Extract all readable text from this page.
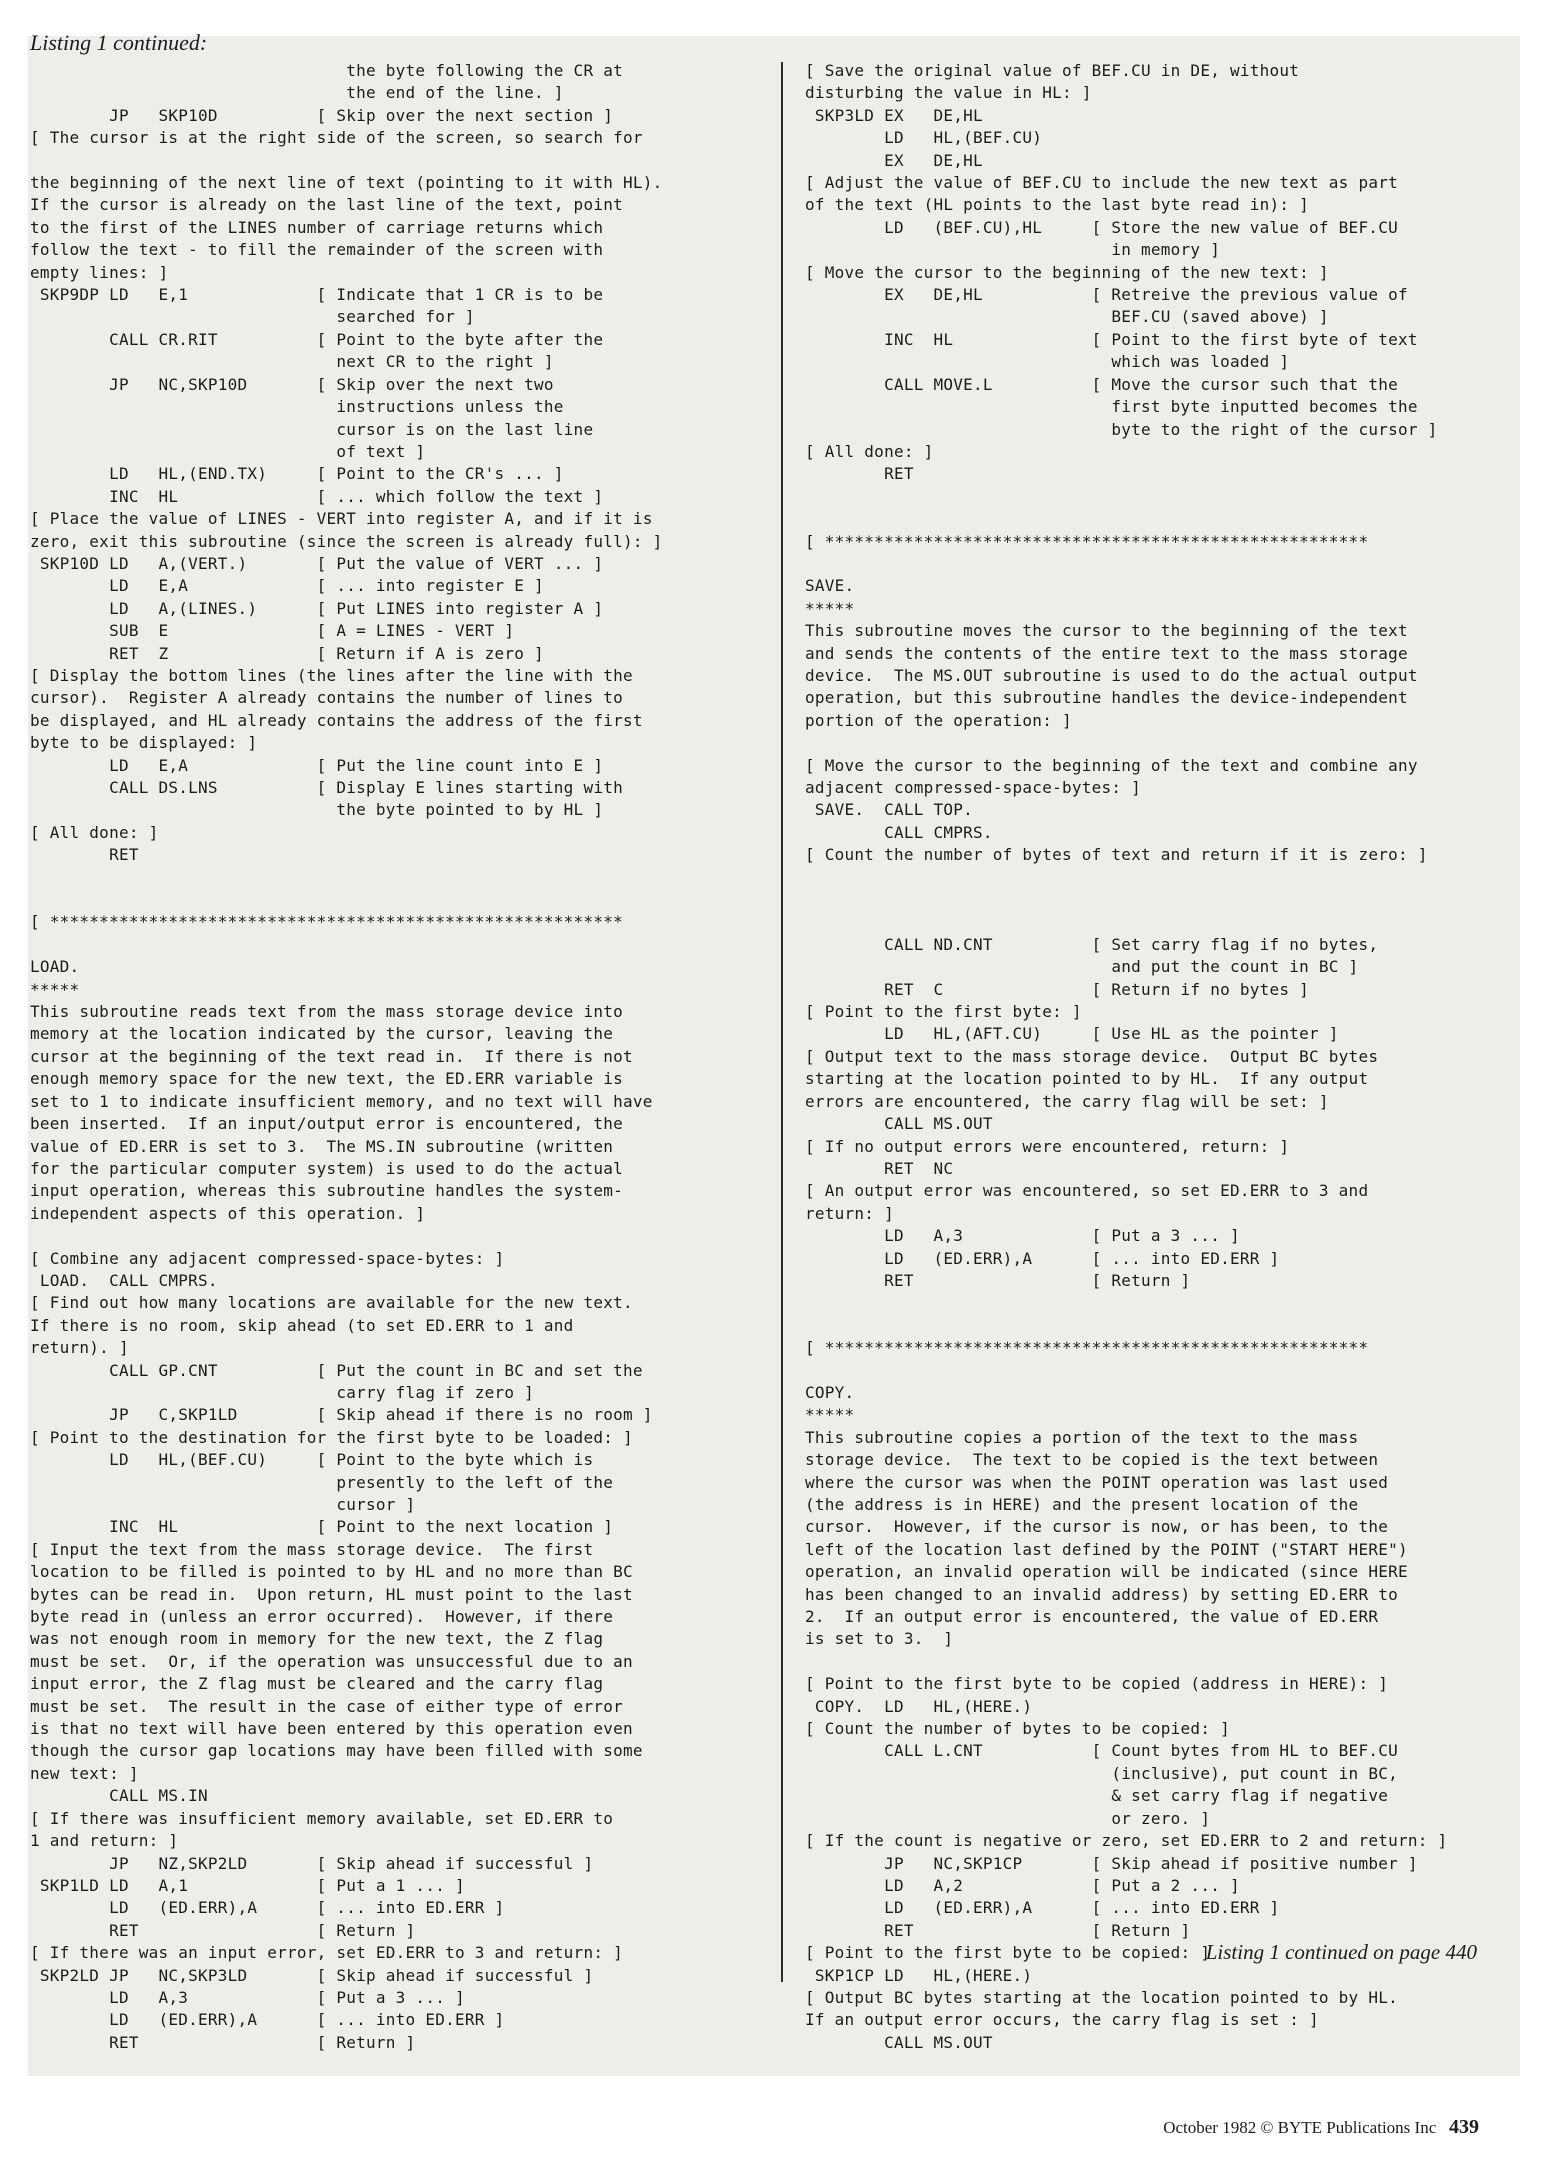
Listing 1 continued:

the byte following the CR at
the end of the line. ]
JP   SKP10D          [ Skip over the next section ]
[ The cursor is at the right side of the screen, so search for

the beginning of the next line of text (pointing to it with HL).
If the cursor is already on the last line of the text, point
to the first of the LINES number of carriage returns which
follow the text - to fill the remainder of the screen with
empty lines: ]
SKP9DP LD   E,1             [ Indicate that 1 CR is to be
searched for ]
CALL CR.RIT          [ Point to the byte after the
next CR to the right ]
JP   NC,SKP10D       [ Skip over the next two
instructions unless the
cursor is on the last line
of text ]
LD   HL,(END.TX)     [ Point to the CR's ... ]
INC  HL              [ ... which follow the text ]
[ Place the value of LINES - VERT into register A, and if it is
zero, exit this subroutine (since the screen is already full): ]
SKP10D LD   A,(VERT.)       [ Put the value of VERT ... ]
LD   E,A             [ ... into register E ]
LD   A,(LINES.)      [ Put LINES into register A ]
SUB  E               [ A = LINES - VERT ]
RET  Z               [ Return if A is zero ]
[ Display the bottom lines (the lines after the line with the
cursor).  Register A already contains the number of lines to
be displayed, and HL already contains the address of the first
byte to be displayed: ]
LD   E,A             [ Put the line count into E ]
CALL DS.LNS          [ Display E lines starting with
the byte pointed to by HL ]
[ All done: ]
RET

[ **********************************************************

LOAD.
*****
This subroutine reads text from the mass storage device into
memory at the location indicated by the cursor, leaving the
cursor at the beginning of the text read in.  If there is not
enough memory space for the new text, the ED.ERR variable is
set to 1 to indicate insufficient memory, and no text will have
been inserted.  If an input/output error is encountered, the
value of ED.ERR is set to 3.  The MS.IN subroutine (written
for the particular computer system) is used to do the actual
input operation, whereas this subroutine handles the system-
independent aspects of this operation. ]

[ Combine any adjacent compressed-space-bytes: ]
LOAD.  CALL CMPRS.
[ Find out how many locations are available for the new text.
If there is no room, skip ahead (to set ED.ERR to 1 and
return). ]
CALL GP.CNT          [ Put the count in BC and set the
carry flag if zero ]
JP   C,SKP1LD        [ Skip ahead if there is no room ]
[ Point to the destination for the first byte to be loaded: ]
LD   HL,(BEF.CU)     [ Point to the byte which is
presently to the left of the
cursor ]
INC  HL              [ Point to the next location ]
[ Input the text from the mass storage device.  The first
location to be filled is pointed to by HL and no more than BC
bytes can be read in.  Upon return, HL must point to the last
byte read in (unless an error occurred).  However, if there
was not enough room in memory for the new text, the Z flag
must be set.  Or, if the operation was unsuccessful due to an
input error, the Z flag must be cleared and the carry flag
must be set.  The result in the case of either type of error
is that no text will have been entered by this operation even
though the cursor gap locations may have been filled with some
new text: ]
CALL MS.IN
[ If there was insufficient memory available, set ED.ERR to
1 and return: ]
JP   NZ,SKP2LD       [ Skip ahead if successful ]
SKP1LD LD   A,1             [ Put a 1 ... ]
LD   (ED.ERR),A      [ ... into ED.ERR ]
RET                  [ Return ]
[ If there was an input error, set ED.ERR to 3 and return: ]
SKP2LD JP   NC,SKP3LD       [ Skip ahead if successful ]
LD   A,3             [ Put a 3 ... ]
LD   (ED.ERR),A      [ ... into ED.ERR ]
RET                  [ Return ]
[ Save the original value of BEF.CU in DE, without
disturbing the value in HL: ]
SKP3LD EX   DE,HL
LD   HL,(BEF.CU)
EX   DE,HL
[ Adjust the value of BEF.CU to include the new text as part
of the text (HL points to the last byte read in): ]
LD   (BEF.CU),HL     [ Store the new value of BEF.CU
in memory ]
[ Move the cursor to the beginning of the new text: ]
EX   DE,HL           [ Retreive the previous value of
BEF.CU (saved above) ]
INC  HL              [ Point to the first byte of text
which was loaded ]
CALL MOVE.L          [ Move the cursor such that the
first byte inputted becomes the
byte to the right of the cursor ]
[ All done: ]
RET

[ *******************************************************

SAVE.
*****
This subroutine moves the cursor to the beginning of the text
and sends the contents of the entire text to the mass storage
device.  The MS.OUT subroutine is used to do the actual output
operation, but this subroutine handles the device-independent
portion of the operation: ]

[ Move the cursor to the beginning of the text and combine any
adjacent compressed-space-bytes: ]
SAVE.  CALL TOP.
CALL CMPRS.
[ Count the number of bytes of text and return if it is zero: ]

CALL ND.CNT          [ Set carry flag if no bytes,
and put the count in BC ]
RET  C               [ Return if no bytes ]
[ Point to the first byte: ]
LD   HL,(AFT.CU)     [ Use HL as the pointer ]
[ Output text to the mass storage device.  Output BC bytes
starting at the location pointed to by HL.  If any output
errors are encountered, the carry flag will be set: ]
CALL MS.OUT
[ If no output errors were encountered, return: ]
RET  NC
[ An output error was encountered, so set ED.ERR to 3 and
return: ]
LD   A,3             [ Put a 3 ... ]
LD   (ED.ERR),A      [ ... into ED.ERR ]
RET                  [ Return ]

[ *******************************************************

COPY.
*****
This subroutine copies a portion of the text to the mass
storage device.  The text to be copied is the text between
where the cursor was when the POINT operation was last used
(the address is in HERE) and the present location of the
cursor.  However, if the cursor is now, or has been, to the
left of the location last defined by the POINT ("START HERE")
operation, an invalid operation will be indicated (since HERE
has been changed to an invalid address) by setting ED.ERR to
2.  If an output error is encountered, the value of ED.ERR
is set to 3.  ]

[ Point to the first byte to be copied (address in HERE): ]
COPY.  LD   HL,(HERE.)
[ Count the number of bytes to be copied: ]
CALL L.CNT           [ Count bytes from HL to BEF.CU
(inclusive), put count in BC,
& set carry flag if negative
or zero. ]
[ If the count is negative or zero, set ED.ERR to 2 and return: ]
JP   NC,SKP1CP       [ Skip ahead if positive number ]
LD   A,2             [ Put a 2 ... ]
LD   (ED.ERR),A      [ ... into ED.ERR ]
RET                  [ Return ]
[ Point to the first byte to be copied: ]
SKP1CP LD   HL,(HERE.)
[ Output BC bytes starting at the location pointed to by HL.
If an output error occurs, the carry flag is set : ]
CALL MS.OUT

Listing 1 continued on page 440

October 1982 © BYTE Publications Inc 439
